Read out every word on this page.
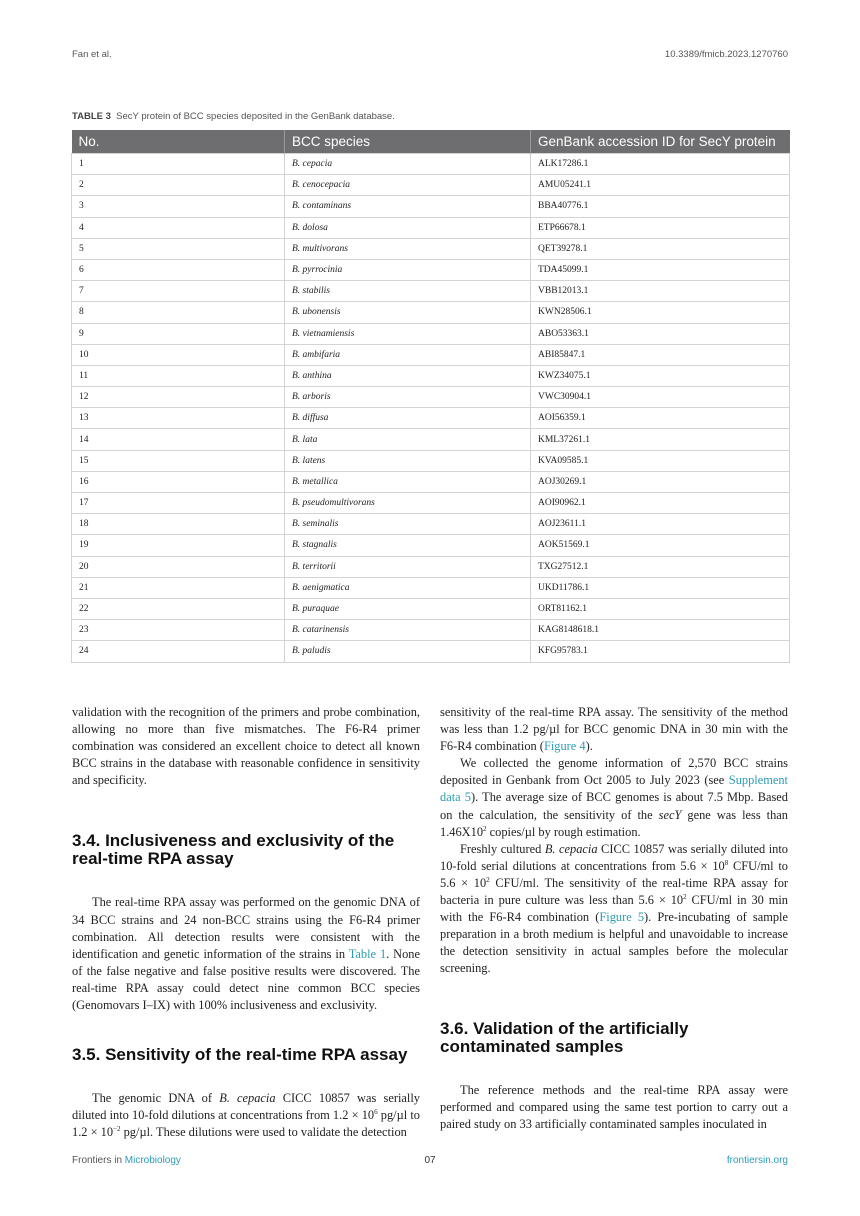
Fan et al.	10.3389/fmicb.2023.1270760
TABLE 3 SecY protein of BCC species deposited in the GenBank database.
No.	BCC species	GenBank accession ID for SecY protein
1	B. cepacia	ALK17286.1
2	B. cenocepacia	AMU05241.1
3	B. contaminans	BBA40776.1
4	B. dolosa	ETP66678.1
5	B. multivorans	QET39278.1
6	B. pyrrocinia	TDA45099.1
7	B. stabilis	VBB12013.1
8	B. ubonensis	KWN28506.1
9	B. vietnamiensis	ABO53363.1
10	B. ambifaria	ABI85847.1
11	B. anthina	KWZ34075.1
12	B. arboris	VWC30904.1
13	B. diffusa	AOI56359.1
14	B. lata	KML37261.1
15	B. latens	KVA09585.1
16	B. metallica	AOJ30269.1
17	B. pseudomultivorans	AOI90962.1
18	B. seminalis	AOJ23611.1
19	B. stagnalis	AOK51569.1
20	B. territorii	TXG27512.1
21	B. aenigmatica	UKD11786.1
22	B. puraquae	ORT81162.1
23	B. catarinensis	KAG8148618.1
24	B. paludis	KFG95783.1

validation with the recognition of the primers and probe combination, allowing no more than five mismatches. The F6-R4 primer combination was considered an excellent choice to detect all known BCC strains in the database with reasonable confidence in sensitivity and specificity.

3.4. Inclusiveness and exclusivity of the real-time RPA assay

The real-time RPA assay was performed on the genomic DNA of 34 BCC strains and 24 non-BCC strains using the F6-R4 primer combination. All detection results were consistent with the identification and genetic information of the strains in Table 1. None of the false negative and false positive results were discovered. The real-time RPA assay could detect nine common BCC species (Genomovars I–IX) with 100% inclusiveness and exclusivity.

3.5. Sensitivity of the real-time RPA assay

The genomic DNA of B. cepacia CICC 10857 was serially diluted into 10-fold dilutions at concentrations from $1.2 \times 10^6$ pg/µl to $1.2 \times 10^{-2}$ pg/µl. These dilutions were used to validate the detection

sensitivity of the real-time RPA assay. The sensitivity of the method was less than 1.2 pg/µl for BCC genomic DNA in 30 min with the F6-R4 combination (Figure 4).

We collected the genome information of 2,570 BCC strains deposited in Genbank from Oct 2005 to July 2023 (see Supplement data 5). The average size of BCC genomes is about 7.5 Mbp. Based on the calculation, the sensitivity of the secY gene was less than $1.46X10^2$ copies/µl by rough estimation.

Freshly cultured B. cepacia CICC 10857 was serially diluted into 10-fold serial dilutions at concentrations from $5.6 \times 10^8$ CFU/ml to $5.6 \times 10^2$ CFU/ml. The sensitivity of the real-time RPA assay for bacteria in pure culture was less than $5.6 \times 10^2$ CFU/ml in 30 min with the F6-R4 combination (Figure 5). Pre-incubating of sample preparation in a broth medium is helpful and unavoidable to increase the detection sensitivity in actual samples before the molecular screening.

3.6. Validation of the artificially contaminated samples

The reference methods and the real-time RPA assay were performed and compared using the same test portion to carry out a paired study on 33 artificially contaminated samples inoculated in

Frontiers in Microbiology	07	frontiersin.org
